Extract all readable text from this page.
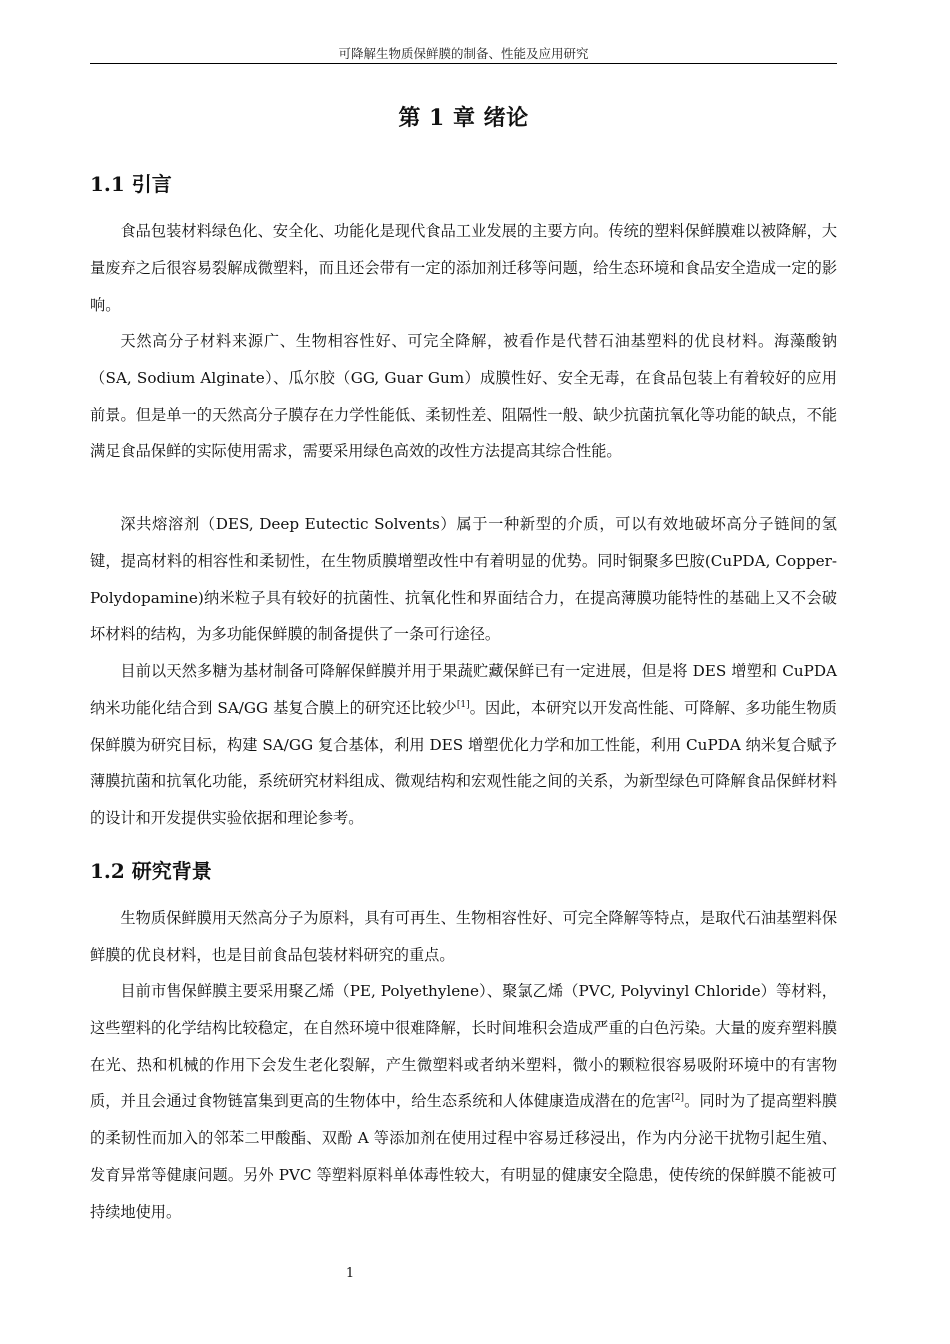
可降解生物质保鲜膜的制备、性能及应用研究
第 1 章 绪论
1.1 引言

食品包装材料绿色化、安全化、功能化是现代食品工业发展的主要方向。传统的塑料保鲜膜难以被降解，大量废弃之后很容易裂解成微塑料，而且还会带有一定的添加剂迁移等问题，给生态环境和食品安全造成一定的影响。

天然高分子材料来源广、生物相容性好、可完全降解，被看作是代替石油基塑料的优良材料。海藻酸钠（SA, Sodium Alginate）、瓜尔胶（GG, Guar Gum）成膜性好、安全无毒，在食品包装上有着较好的应用前景。但是单一的天然高分子膜存在力学性能低、柔韧性差、阻隔性一般、缺少抗菌抗氧化等功能的缺点，不能满足食品保鲜的实际使用需求，需要采用绿色高效的改性方法提高其综合性能。

深共熔溶剂（DES, Deep Eutectic Solvents）属于一种新型的介质，可以有效地破坏高分子链间的氢键，提高材料的相容性和柔韧性，在生物质膜增塑改性中有着明显的优势。同时铜聚多巴胺(CuPDA, Copper-Polydopamine)纳米粒子具有较好的抗菌性、抗氧化性和界面结合力，在提高薄膜功能特性的基础上又不会破坏材料的结构，为多功能保鲜膜的制备提供了一条可行途径。

目前以天然多糖为基材制备可降解保鲜膜并用于果蔬贮藏保鲜已有一定进展，但是将 DES 增塑和 CuPDA 纳米功能化结合到 SA/GG 基复合膜上的研究还比较少[1]。因此，本研究以开发高性能、可降解、多功能生物质保鲜膜为研究目标，构建 SA/GG 复合基体，利用 DES 增塑优化力学和加工性能，利用 CuPDA 纳米复合赋予薄膜抗菌和抗氧化功能，系统研究材料组成、微观结构和宏观性能之间的关系，为新型绿色可降解食品保鲜材料的设计和开发提供实验依据和理论参考。

1.2 研究背景

生物质保鲜膜用天然高分子为原料，具有可再生、生物相容性好、可完全降解等特点，是取代石油基塑料保鲜膜的优良材料，也是目前食品包装材料研究的重点。

目前市售保鲜膜主要采用聚乙烯（PE, Polyethylene）、聚氯乙烯（PVC, Polyvinyl Chloride）等材料，这些塑料的化学结构比较稳定，在自然环境中很难降解，长时间堆积会造成严重的白色污染。大量的废弃塑料膜在光、热和机械的作用下会发生老化裂解，产生微塑料或者纳米塑料，微小的颗粒很容易吸附环境中的有害物质，并且会通过食物链富集到更高的生物体中，给生态系统和人体健康造成潜在的危害[2]。同时为了提高塑料膜的柔韧性而加入的邻苯二甲酸酯、双酚 A 等添加剂在使用过程中容易迁移浸出，作为内分泌干扰物引起生殖、发育异常等健康问题。另外 PVC 等塑料原料单体毒性较大，有明显的健康安全隐患，使传统的保鲜膜不能被可持续地使用。

1
